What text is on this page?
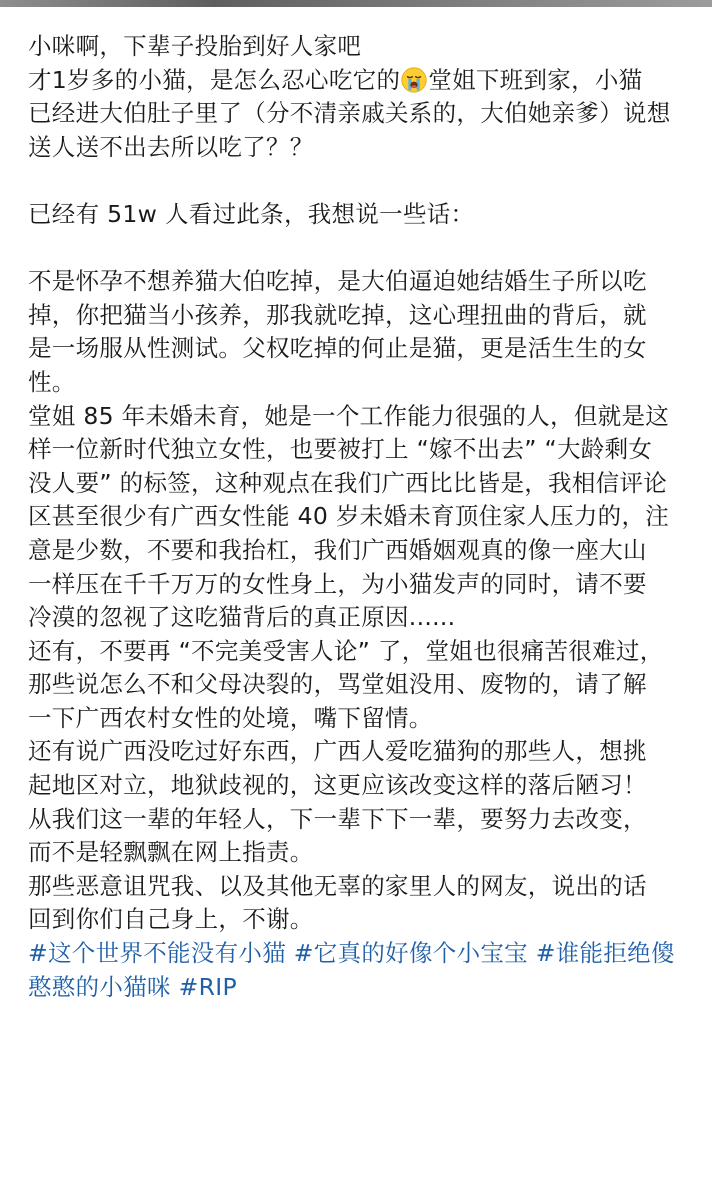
小咪啊，下辈子投胎到好人家吧
才1岁多的小猫，是怎么忍心吃它的 堂姐下班到家，小猫
已经进大伯肚子里了（分不清亲戚关系的，大伯她亲爹）说想
送人送不出去所以吃了？？
已经有 51w 人看过此条，我想说一些话：
不是怀孕不想养猫大伯吃掉，是大伯逼迫她结婚生子所以吃
掉，你把猫当小孩养，那我就吃掉，这心理扭曲的背后，就
是一场服从性测试。父权吃掉的何止是猫，更是活生生的女
性。
堂姐 85 年未婚未育，她是一个工作能力很强的人，但就是这
样一位新时代独立女性，也要被打上 “嫁不出去” “大龄剩女
没人要” 的标签，这种观点在我们广西比比皆是，我相信评论
区甚至很少有广西女性能 40 岁未婚未育顶住家人压力的，注
意是少数，不要和我抬杠，我们广西婚姻观真的像一座大山
一样压在千千万万的女性身上，为小猫发声的同时，请不要
冷漠的忽视了这吃猫背后的真正原因......
还有，不要再 “不完美受害人论” 了，堂姐也很痛苦很难过，
那些说怎么不和父母决裂的，骂堂姐没用、废物的，请了解
一下广西农村女性的处境，嘴下留情。
还有说广西没吃过好东西，广西人爱吃猫狗的那些人，想挑
起地区对立，地狱歧视的，这更应该改变这样的落后陋习！
从我们这一辈的年轻人，下一辈下下一辈，要努力去改变，
而不是轻飘飘在网上指责。
那些恶意诅咒我、以及其他无辜的家里人的网友，说出的话
回到你们自己身上，不谢。
#这个世界不能没有小猫 #它真的好像个小宝宝 #谁能拒绝傻
憨憨的小猫咪 #RIP
